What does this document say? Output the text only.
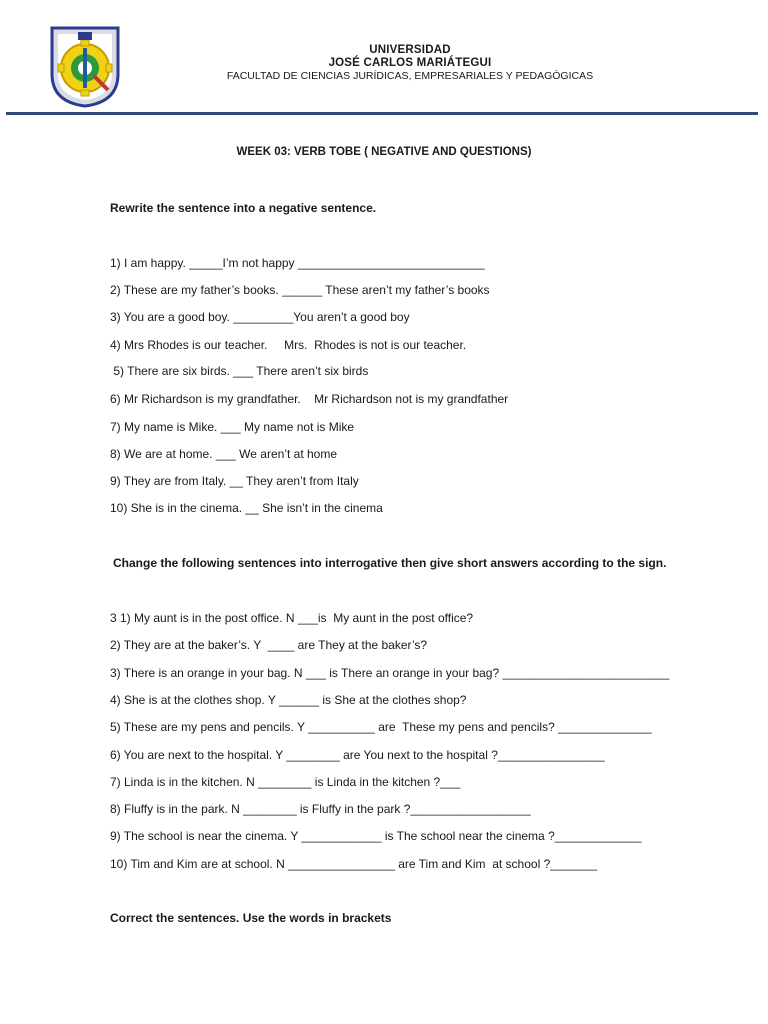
UNIVERSIDAD
JOSÉ CARLOS MARIÁTEGUI
FACULTAD DE CIENCIAS JURÍDICAS, EMPRESARIALES Y PEDAGÓGICAS
WEEK 03: VERB TOBE ( NEGATIVE AND QUESTIONS)
Rewrite the sentence into a negative sentence.
1) I am happy. _____I’m not happy ____________________________
2) These are my father’s books. ______ These aren’t my father’s books
3) You are a good boy. _________You aren’t a good boy
4) Mrs Rhodes is our teacher.     Mrs.  Rhodes is not is our teacher.
5) There are six birds. ___ There aren’t six birds
6) Mr Richardson is my grandfather.    Mr Richardson not is my grandfather
7) My name is Mike. ___ My name not is Mike
8) We are at home. ___ We aren’t at home
9) They are from Italy. __ They aren’t from Italy
10) She is in the cinema. __ She isn’t in the cinema
Change the following sentences into interrogative then give short answers according to the sign.
3 1) My aunt is in the post office. N ___is  My aunt in the post office?
2) They are at the baker’s. Y  ____ are They at the baker’s?
3) There is an orange in your bag. N ___ is There an orange in your bag? _________________________
4) She is at the clothes shop. Y ______ is She at the clothes shop?
5) These are my pens and pencils. Y __________ are  These my pens and pencils? ______________
6) You are next to the hospital. Y ________ are You next to the hospital ?________________
7) Linda is in the kitchen. N ________ is Linda in the kitchen ?___
8) Fluffy is in the park. N ________ is Fluffy in the park ?__________________
9) The school is near the cinema. Y ____________ is The school near the cinema ?_____________
10) Tim and Kim are at school. N ________________ are Tim and Kim  at school ?_______
Correct the sentences. Use the words in brackets
